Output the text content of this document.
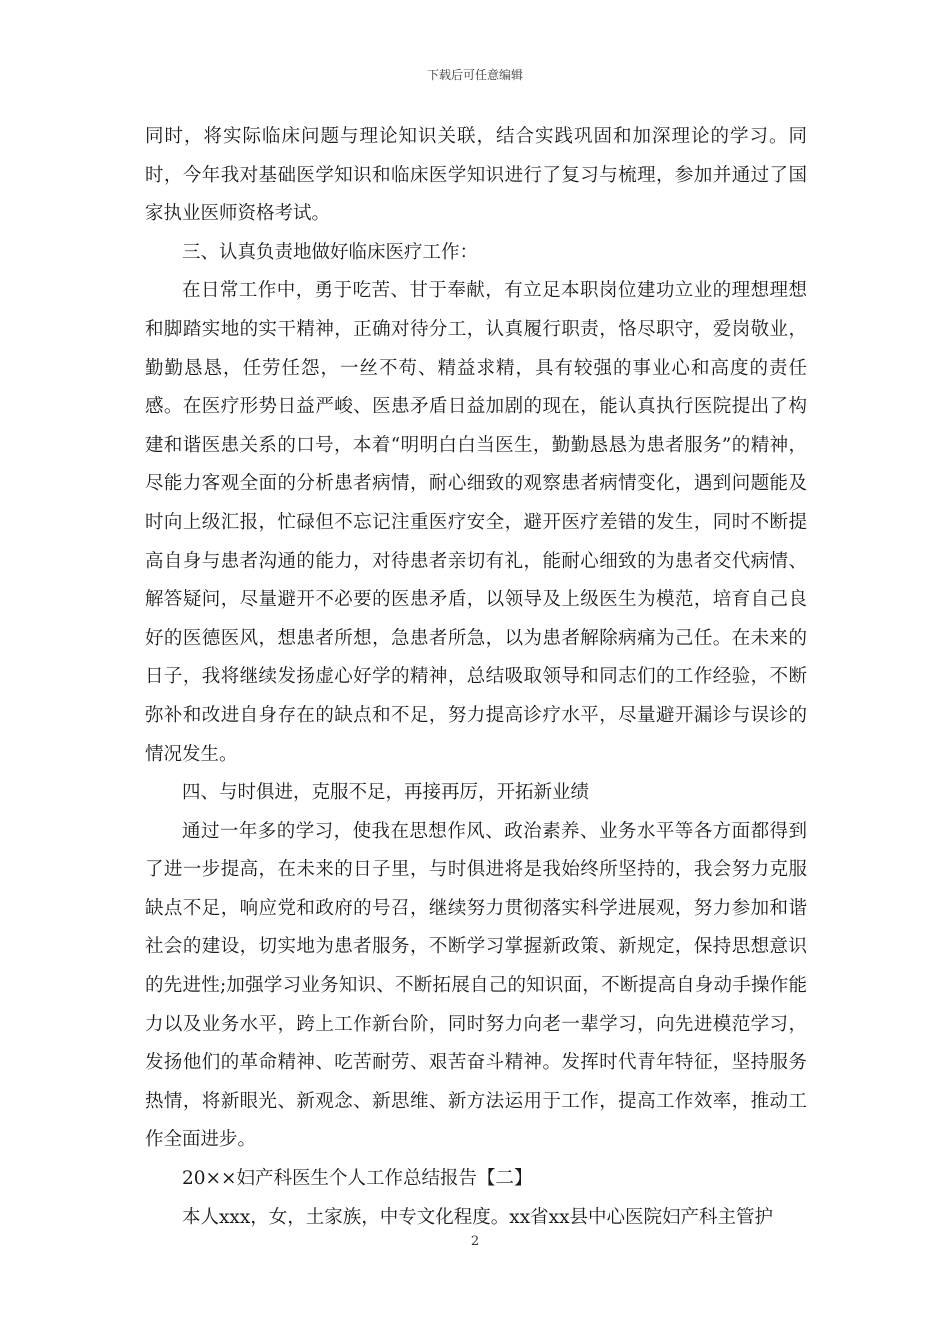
下载后可任意编辑

同时，将实际临床问题与理论知识关联，结合实践巩固和加深理论的学习。同时，今年我对基础医学知识和临床医学知识进行了复习与梳理，参加并通过了国家执业医师资格考试。

三、认真负责地做好临床医疗工作：

在日常工作中，勇于吃苦、甘于奉献，有立足本职岗位建功立业的理想理想和脚踏实地的实干精神，正确对待分工，认真履行职责，恪尽职守，爱岗敬业，勤勤恳恳，任劳任怨，一丝不苟、精益求精，具有较强的事业心和高度的责任感。在医疗形势日益严峻、医患矛盾日益加剧的现在，能认真执行医院提出了构建和谐医患关系的口号，本着“明明白白当医生，勤勤恳恳为患者服务”的精神，尽能力客观全面的分析患者病情，耐心细致的观察患者病情变化，遇到问题能及时向上级汇报，忙碌但不忘记注重医疗安全，避开医疗差错的发生，同时不断提高自身与患者沟通的能力，对待患者亲切有礼，能耐心细致的为患者交代病情、解答疑问，尽量避开不必要的医患矛盾，以领导及上级医生为模范，培育自己良好的医德医风，想患者所想，急患者所急，以为患者解除病痛为己任。在未来的日子，我将继续发扬虚心好学的精神，总结吸取领导和同志们的工作经验，不断弥补和改进自身存在的缺点和不足，努力提高诊疗水平，尽量避开漏诊与误诊的情况发生。

四、与时俱进，克服不足，再接再厉，开拓新业绩

通过一年多的学习，使我在思想作风、政治素养、业务水平等各方面都得到了进一步提高，在未来的日子里，与时俱进将是我始终所坚持的，我会努力克服缺点不足，响应党和政府的号召，继续努力贯彻落实科学进展观，努力参加和谐社会的建设，切实地为患者服务，不断学习掌握新政策、新规定，保持思想意识的先进性;加强学习业务知识、不断拓展自己的知识面，不断提高自身动手操作能力以及业务水平，跨上工作新台阶，同时努力向老一辈学习，向先进模范学习，发扬他们的革命精神、吃苦耐劳、艰苦奋斗精神。发挥时代青年特征，坚持服务热情，将新眼光、新观念、新思维、新方法运用于工作，提高工作效率，推动工作全面进步。

20××妇产科医生个人工作总结报告【二】

本人xxx，女，土家族，中专文化程度。xx省xx县中心医院妇产科主管护

2
